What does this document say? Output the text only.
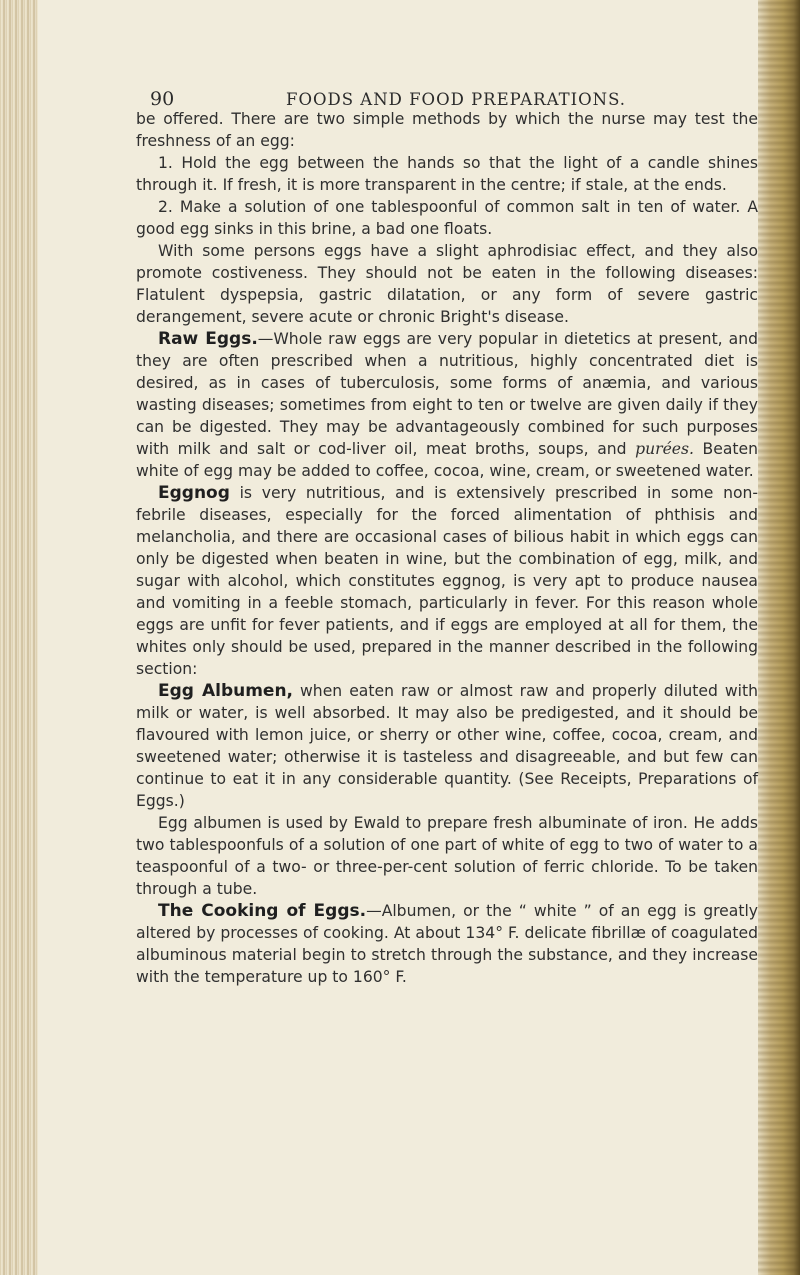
90	FOODS AND FOOD PREPARATIONS.

be offered. There are two simple methods by which the nurse may test the freshness of an egg:

1. Hold the egg between the hands so that the light of a candle shines through it. If fresh, it is more transparent in the centre; if stale, at the ends.

2. Make a solution of one tablespoonful of common salt in ten of water. A good egg sinks in this brine, a bad one floats.

With some persons eggs have a slight aphrodisiac effect, and they also promote costiveness. They should not be eaten in the following diseases: Flatulent dyspepsia, gastric dilatation, or any form of severe gastric derangement, severe acute or chronic Bright's disease.

Raw Eggs.—Whole raw eggs are very popular in dietetics at present, and they are often prescribed when a nutritious, highly concentrated diet is desired, as in cases of tuberculosis, some forms of anæmia, and various wasting diseases; sometimes from eight to ten or twelve are given daily if they can be digested. They may be advantageously combined for such purposes with milk and salt or cod-liver oil, meat broths, soups, and purées. Beaten white of egg may be added to coffee, cocoa, wine, cream, or sweetened water.

Eggnog is very nutritious, and is extensively prescribed in some non-febrile diseases, especially for the forced alimentation of phthisis and melancholia, and there are occasional cases of bilious habit in which eggs can only be digested when beaten in wine, but the combination of egg, milk, and sugar with alcohol, which constitutes eggnog, is very apt to produce nausea and vomiting in a feeble stomach, particularly in fever. For this reason whole eggs are unfit for fever patients, and if eggs are employed at all for them, the whites only should be used, prepared in the manner described in the following section:

Egg Albumen, when eaten raw or almost raw and properly diluted with milk or water, is well absorbed. It may also be predigested, and it should be flavoured with lemon juice, or sherry or other wine, coffee, cocoa, cream, and sweetened water; otherwise it is tasteless and disagreeable, and but few can continue to eat it in any considerable quantity. (See Receipts, Preparations of Eggs.)

Egg albumen is used by Ewald to prepare fresh albuminate of iron. He adds two tablespoonfuls of a solution of one part of white of egg to two of water to a teaspoonful of a two- or three-per-cent solution of ferric chloride. To be taken through a tube.

The Cooking of Eggs.—Albumen, or the “ white ” of an egg is greatly altered by processes of cooking. At about 134° F. delicate fibrillæ of coagulated albuminous material begin to stretch through the substance, and they increase with the temperature up to 160° F.
